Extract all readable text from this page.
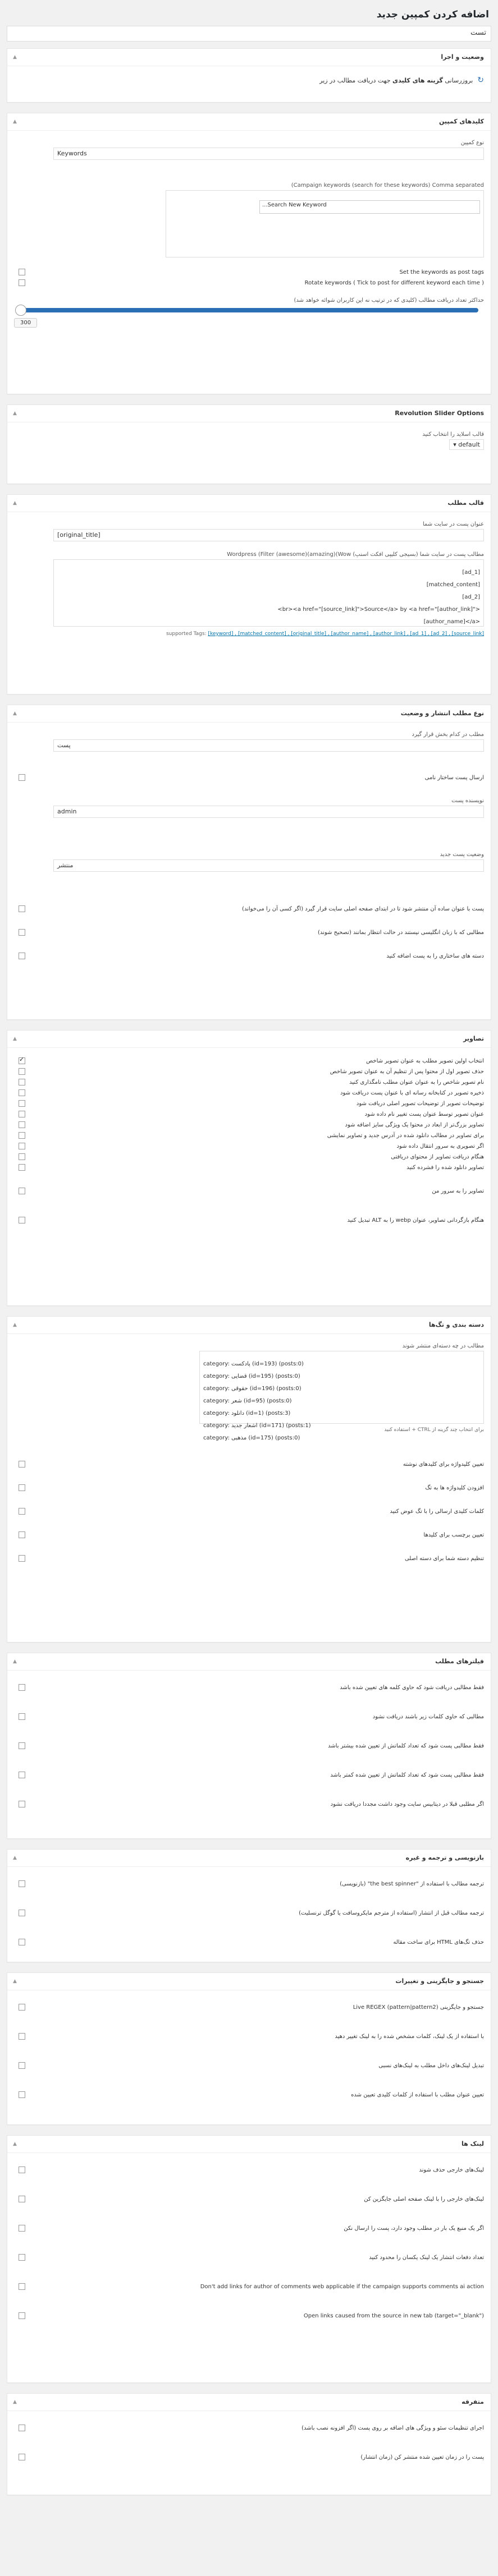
اضافه کردن کمپین جدید
تست
وضعیت و اجرا
▲
↻
بروزرسانی گزینه های کلیدی جهت دریافت مطالب در زیر
کلیدهای کمپین
▲
نوع کمپین
Keywords
(Campaign keywords (search for these keywords) Comma separated

...Search New Keyword

Set the keywords as post tags
Rotate keywords ( Tick to post for different keyword each time )
حداکثر تعداد دریافت مطالب (کلیدی که در ترتیب نه این کاربران شوائه خواهد شد)
300
Revolution Slider Options
▲
قالب اسلاید را انتخاب کنید
▾ default
قالب مطلب
▲
عنوان پست در سایت شما
[original_title]
مطالب پست در سایت شما (بسیجی کلیپی افکت اسنپ) Wordpress (Filter (awesome)(amazing)(Wow

[ad_1]

[matched_content]

[ad_2]

<br><a href="[source_link]">Source</a> by <a href="[author_link]">

[author_name]</a>

supported Tags: [keyword] , [matched_content] , [original_title] , [author_name] , [author_link] , [ad_1] , [ad_2] , [source_link]
نوع مطلب انتشار و وضعیت
▲
مطلب در کدام بخش قرار گیرد
پست
ارسال پست ساختار نامی
نویسنده پست
admin
وضعیت پست جدید
منتشر
پست با عنوان ساده آن منتشر شود تا در ابتدای صفحه اصلی سایت قرار گیرد (اگر کسی آن را می‌خواند)
مطالبی که با زبان انگلیسی نیستند در حالت انتظار بمانند (تصحیح شوند)
دسته های ساختاری را به پست اضافه کنید
تصاویر
▲
انتخاب اولین تصویر مطلب به عنوان تصویر شاخص
✓
حذف تصویر اول از محتوا پس از تنظیم آن به عنوان تصویر شاخص
نام تصویر شاخص را به عنوان عنوان مطلب نامگذاری کنید
ذخیره تصویر در کتابخانه رسانه ای با عنوان پست دریافت شود
توضیحات تصویر از توضیحات تصویر اصلی دریافت شود
عنوان تصویر توسط عنوان پست تغییر نام داده شود
تصاویر بزرگ‌تر از ابعاد در محتوا یک ویژگی سایز اضافه شود
برای تصاویر در مطالب دانلود شده در آدرس جدید و تصاویر نمایشی
اگر تصویری به سرور انتقال داده شود
هنگام دریافت تصاویر از محتوای دریافتی
تصاویر دانلود شده را فشرده کنید
تصاویر را به سرور من
هنگام بازگردانی تصاویر، عنوان webp را به ALT تبدیل کنید
دسته بندی و تگ‌ها
▲
مطالب در چه دسته‌ای منتشر شوند

category: پادکست (id=193) (posts:0)

category: قضایی (id=195) (posts:0)

category: حقوقی (id=196) (posts:0)

category: شعر (id=95) (posts:0)

category: دانلود (id=1) (posts:3)

category: اشعار جدید (id=171) (posts:1)

category: مذهبی (id=175) (posts:0)

برای انتخاب چند گزینه از CTRL + استفاده کنید
تعیین کلیدواژه برای کلیدهای نوشته
افزودن کلیدواژه ها به تگ
کلمات کلیدی ارسالی را با تگ عوض کنید
تعیین برچسب برای کلیدها
تنظیم دسته شما برای دسته اصلی
فیلترهای مطلب
▲
فقط مطالبی دریافت شود که حاوی کلمه های تعیین شده باشد
مطالبی که حاوی کلمات زیر باشند دریافت نشود
فقط مطالبی پست شود که تعداد کلماتش از تعیین شده بیشتر باشد
فقط مطالبی پست شود که تعداد کلماتش از تعیین شده کمتر باشد
اگر مطلبی قبلا در دیتابیس سایت وجود داشت مجددا دریافت نشود
بازنویسی و ترجمه و غیره
▲
ترجمه مطالب با استفاده از "the best spinner" (بازنویسی)
ترجمه مطالب قبل از انتشار (استفاده از مترجم مایکروسافت یا گوگل ترنسلیت)
حذف تگ‌های HTML برای ساخت مقاله
جستجو و جایگزینی و تغییرات
▲
جستجو و جایگزینی (pattern|pattern2) Live REGEX
با استفاده از یک لینک، کلمات مشخص شده را به لینک تغییر دهید
تبدیل لینک‌های داخل مطلب به لینک‌های نسبی
تعیین عنوان مطلب با استفاده از کلمات کلیدی تعیین شده
لینک ها
▲
لینک‌های خارجی حذف شوند
لینک‌های خارجی را با لینک صفحه اصلی جایگزین کن
اگر یک منبع یک بار در مطلب وجود دارد، پست را ارسال نکن
تعداد دفعات انتشار یک لینک یکسان را محدود کنید
Don't add links for author of comments web applicable if the campaign supports comments ai action
Open links caused from the source in new tab (target="_blank")
متفرقه
▲
اجرای تنظیمات سئو و ویژگی های اضافه بر روی پست (اگر افزونه نصب باشد)
پست را در زمان تعیین شده منتشر کن (زمان انتشار)
